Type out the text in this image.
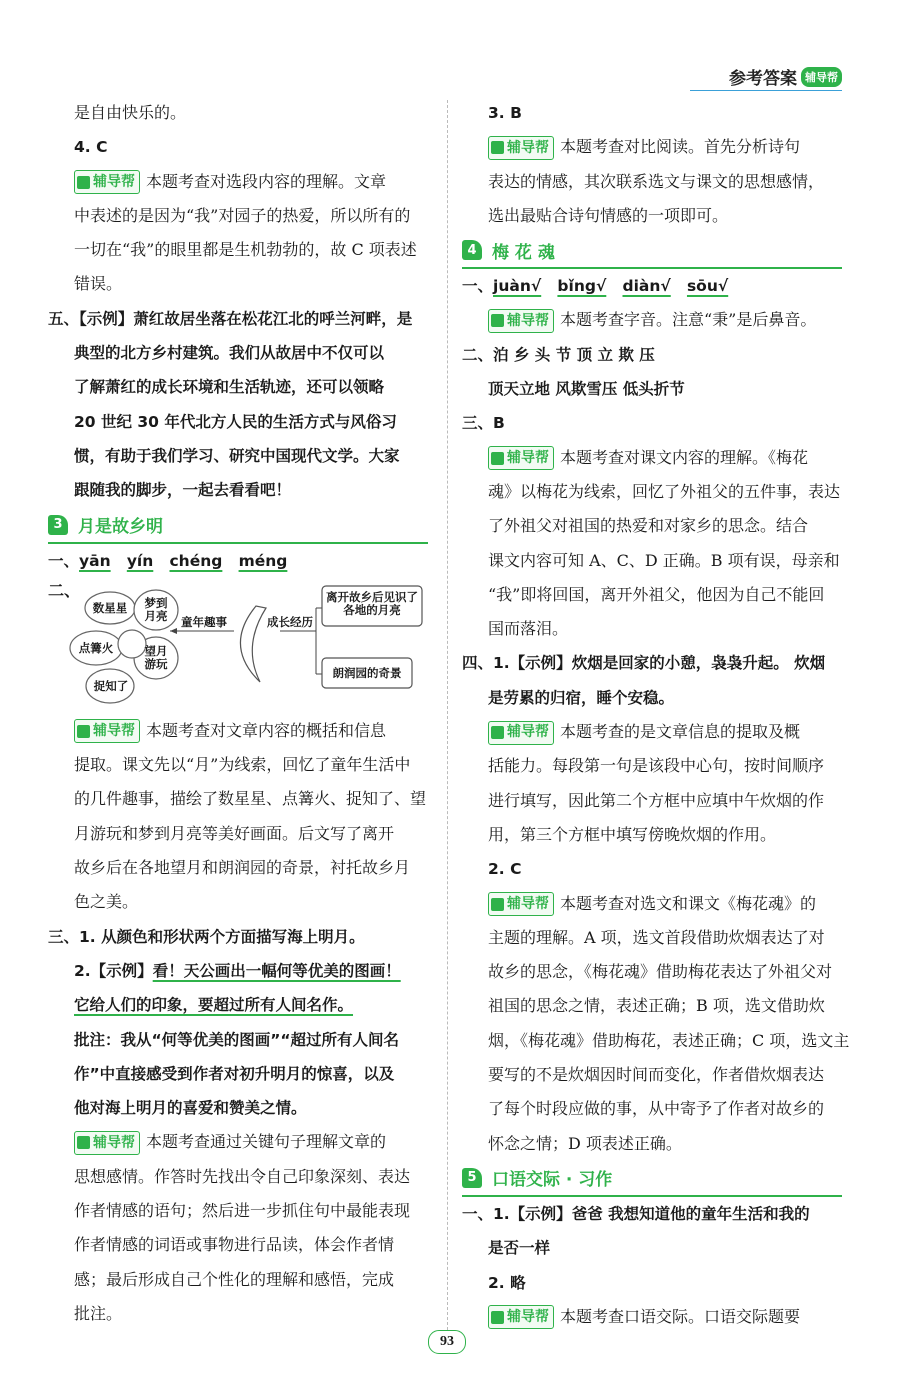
参考答案 辅导帮
是自由快乐的。
4. C
辅导帮 本题考查对选段内容的理解。文章
中表述的是因为“我”对园子的热爱，所以所有的
一切在“我”的眼里都是生机勃勃的，故 C 项表述
错误。
五、【示例】萧红故居坐落在松花江北的呼兰河畔，是
典型的北方乡村建筑。我们从故居中不仅可以
了解萧红的成长环境和生活轨迹，还可以领略
20 世纪 30 年代北方人民的生活方式与风俗习
惯，有助于我们学习、研究中国现代文学。大家
跟随我的脚步，一起去看看吧！
3 月是故乡明
一、yān yín chéng méng
二、
数星星	梦到月亮
点篝火	望月游玩
捉知了
童年趣事	成长经历
离开故乡后见识了各地的月亮
朗润园的奇景
辅导帮 本题考查对文章内容的概括和信息
提取。课文先以“月”为线索，回忆了童年生活中
的几件趣事，描绘了数星星、点篝火、捉知了、望
月游玩和梦到月亮等美好画面。后文写了离开
故乡后在各地望月和朗润园的奇景，衬托故乡月
色之美。
三、1. 从颜色和形状两个方面描写海上明月。
2.【示例】看！天公画出一幅何等优美的图画！
它给人们的印象，要超过所有人间名作。
批注：我从“何等优美的图画”“超过所有人间名
作”中直接感受到作者对初升明月的惊喜，以及
他对海上明月的喜爱和赞美之情。
辅导帮 本题考查通过关键句子理解文章的
思想感情。作答时先找出令自己印象深刻、表达
作者情感的语句；然后进一步抓住句中最能表现
作者情感的词语或事物进行品读，体会作者情
感；最后形成自己个性化的理解和感悟，完成
批注。
3. B
辅导帮 本题考查对比阅读。首先分析诗句
表达的情感，其次联系选文与课文的思想感情，
选出最贴合诗句情感的一项即可。
4 梅 花 魂
一、juàn√ bǐng√ diàn√ sōu√
辅导帮 本题考查字音。注意“秉”是后鼻音。
二、泊 乡 头 节 顶 立 欺 压
顶天立地 风欺雪压 低头折节
三、B
辅导帮 本题考查对课文内容的理解。《梅花
魂》以梅花为线索，回忆了外祖父的五件事，表达
了外祖父对祖国的热爱和对家乡的思念。结合
课文内容可知 A、C、D 正确。B 项有误，母亲和
“我”即将回国，离开外祖父，他因为自己不能回
国而落泪。
四、1.【示例】炊烟是回家的小憩，袅袅升起。 炊烟
是劳累的归宿，睡个安稳。
辅导帮 本题考查的是文章信息的提取及概
括能力。每段第一句是该段中心句，按时间顺序
进行填写，因此第二个方框中应填中午炊烟的作
用，第三个方框中填写傍晚炊烟的作用。
2. C
辅导帮 本题考查对选文和课文《梅花魂》的
主题的理解。A 项，选文首段借助炊烟表达了对
故乡的思念，《梅花魂》借助梅花表达了外祖父对
祖国的思念之情，表述正确；B 项，选文借助炊
烟，《梅花魂》借助梅花，表述正确；C 项，选文主
要写的不是炊烟因时间而变化，作者借炊烟表达
了每个时段应做的事，从中寄予了作者对故乡的
怀念之情；D 项表述正确。
5 口语交际 · 习作
一、1.【示例】爸爸 我想知道他的童年生活和我的
是否一样
2. 略
辅导帮 本题考查口语交际。口语交际题要
93
